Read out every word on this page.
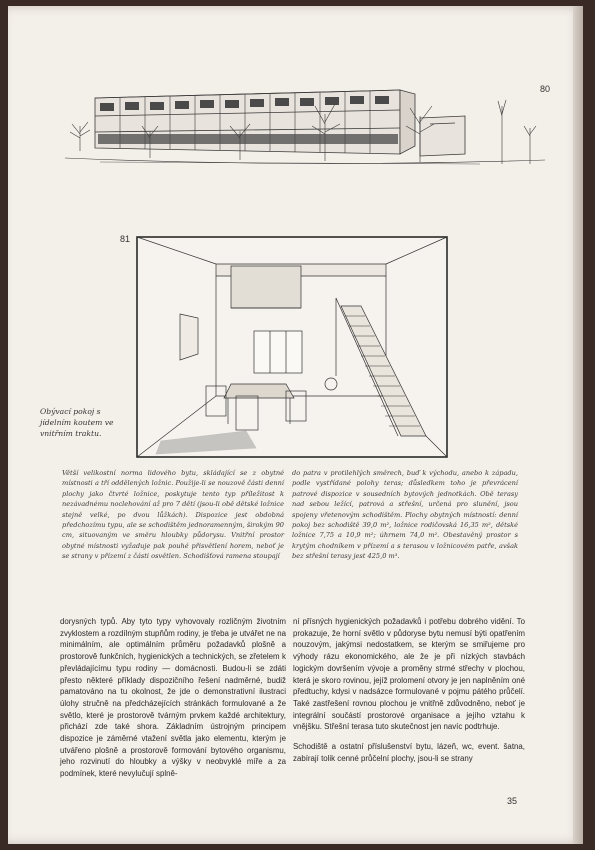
80
81
Obývací pokoj s jídelním koutem ve vnitřním traktu.
Větší velikostní norma lidového bytu, skládající se z obytné místnosti a tří oddělených ložnic. Použije-li se nouzově části denní plochy jako čtvrté ložnice, poskytuje tento typ příležitost k nezávadnému noclehování až pro 7 dětí (jsou-li obě dětské ložnice stejně velké, po dvou lůžkách). Dispozice jest obdobná předchozímu typu, ale se schodištěm jednoramenným, širokým 90 cm, situovaným ve směru hloubky půdorysu. Vnitřní prostor obytné místnosti vyžaduje pak pouhé přisvětlení horem, neboť je se strany v přízemí z části osvětlen. Schodišťová ramena stoupají
do patra v protilehlých směrech, buď k východu, anebo k západu, podle vystřídané polohy teras; důsledkem toho je převrácení patrové dispozice v sousedních bytových jednotkách. Obě terasy nad sebou ležící, patrová a střešní, určená pro slunění, jsou spojeny vřetenovým schodištěm. Plochy obytných místností: denní pokoj bez schodiště 39,0 m², ložnice rodičovská 16,35 m², dětské ložnice 7,75 a 10,9 m²; úhrnem 74,0 m². Obestavěný prostor s krytým chodníkem v přízemí a s terasou v ložnicovém patře, avšak bez střešní terasy jest 425,0 m³.

dorysných typů. Aby tyto typy vyhovovaly rozličným životním zvyklostem a rozdílným stupňům rodiny, je třeba je utvářet ne na minimálním, ale optimálním průměru požadavků plošně a prostorově funkčních, hygienických a technických, se zřetelem k převládajícímu typu rodiny — domácnosti. Budou-li se zdáti přesto některé příklady dispozičního řešení nadměrné, budiž pamatováno na tu okolnost, že jde o demonstrativní ilustraci úlohy stručně na předcházejících stránkách formulované a že světlo, které je prostorově tvárným prvkem každé architektury, přichází zde také shora. Základním ústrojným principem dispozice je záměrné vtažení světla jako elementu, kterým je utvářeno plošně a prostorově formování bytového organismu, jeho rozvinutí do hloubky a výšky v neobvyklé míře a za podmínek, které nevylučují splně-

ní přísných hygienických požadavků i potřebu dobrého vidění. To prokazuje, že horní světlo v půdoryse bytu nemusí býti opatřením nouzovým, jakýmsi nedostatkem, se kterým se smiřujeme pro výhody rázu ekonomického, ale že je při nízkých stavbách logickým dovršením vývoje a proměny strmé střechy v plochou, která je skoro rovinou, jejíž prolomení otvory je jen naplněním oné předtuchy, kdysi v nadsázce formulované v pojmu pátého průčelí. Také zastřešení rovnou plochou je vnitřně zdůvodněno, neboť je integrální součástí prostorové organisace a jejího vztahu k vnějšku. Střešní terasa tuto skutečnost jen navíc podtrhuje.

Schodiště a ostatní příslušenství bytu, lázeň, wc, event. šatna, zabírají tolik cenné průčelní plochy, jsou-li se strany

35
